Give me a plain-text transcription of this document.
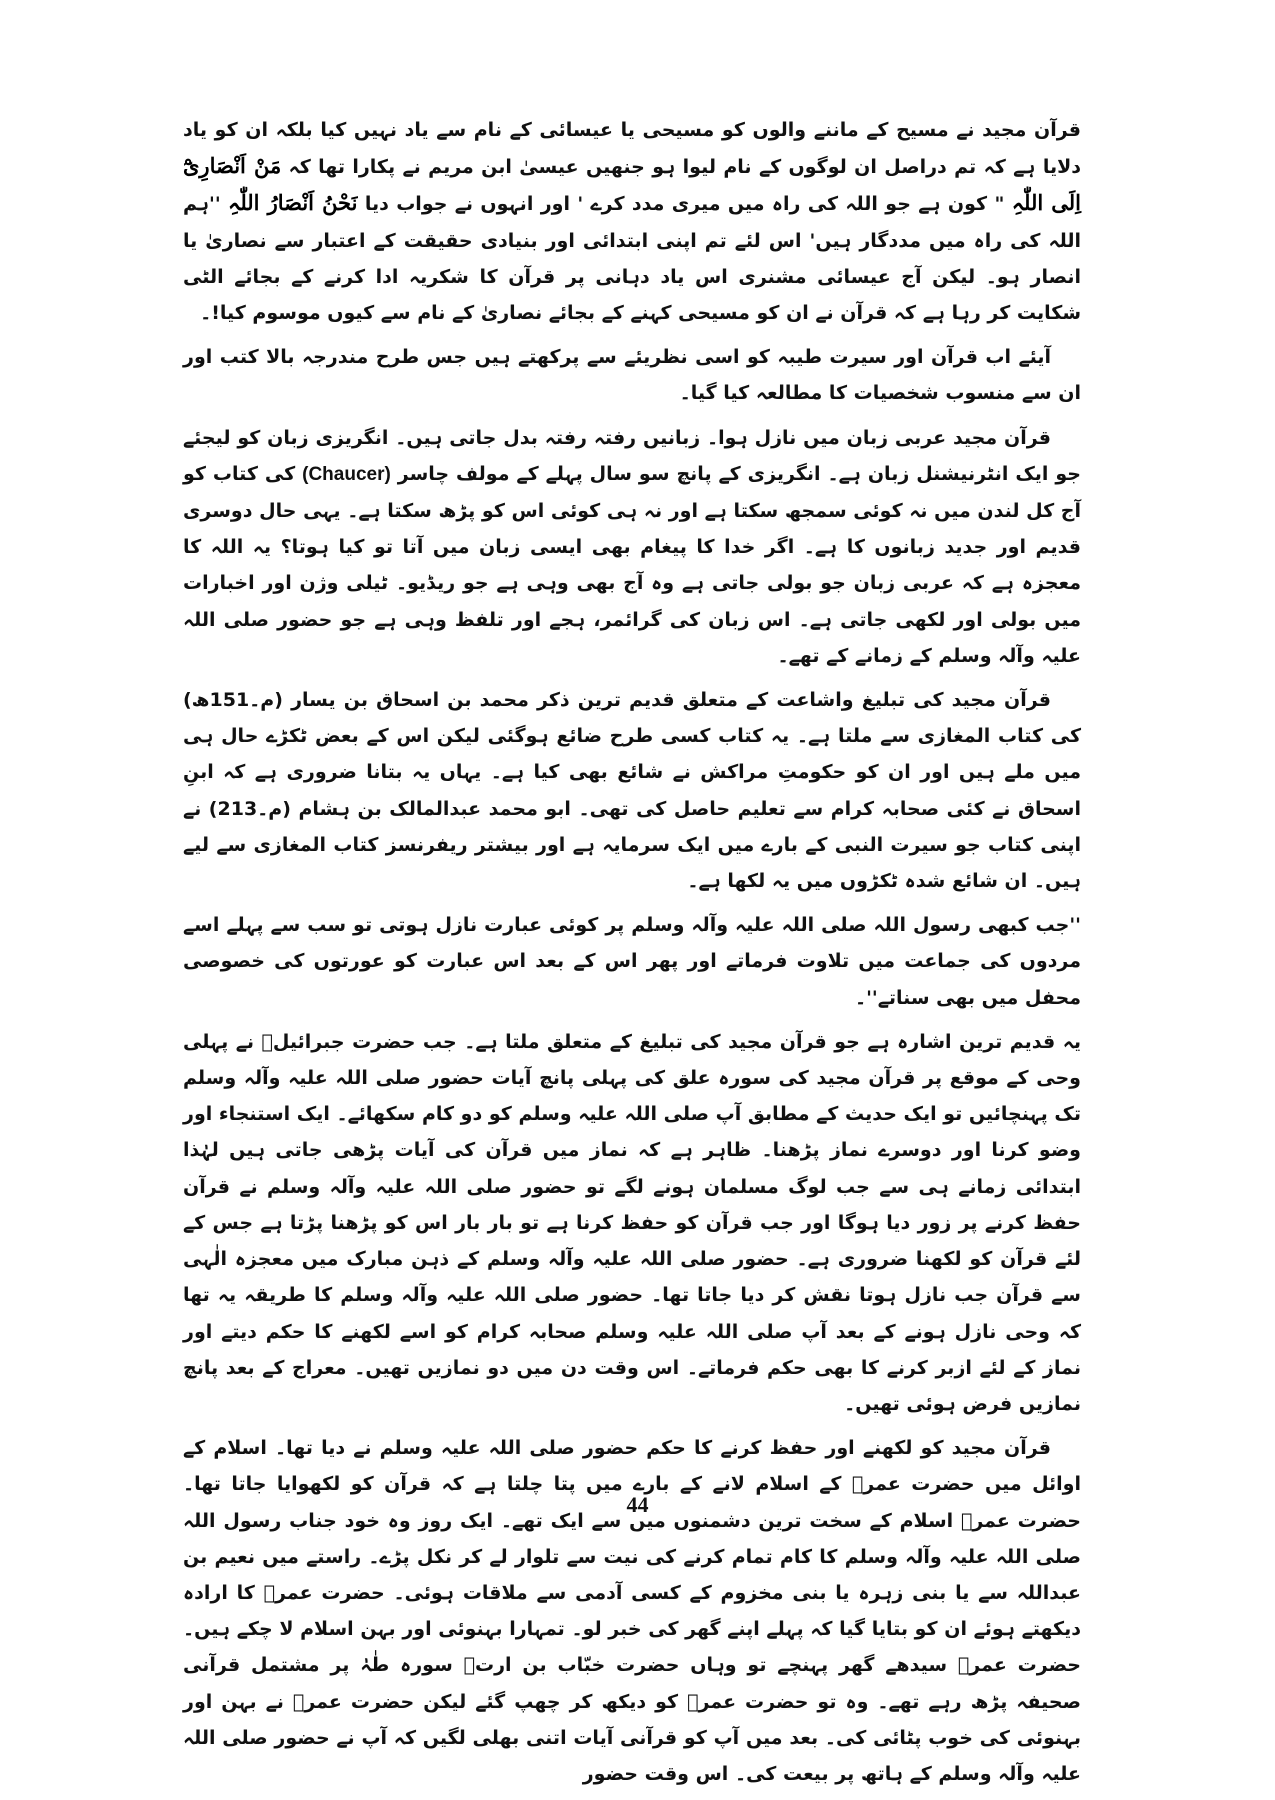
قرآن مجید نے مسیح کے ماننے والوں کو مسیحی یا عیسائی کے نام سے یاد نہیں کیا بلکہ ان کو یاد دلایا ہے کہ تم دراصل ان لوگوں کے نام لیوا ہو جنھیں عیسیٰ ابن مریم نے پکارا تھا کہ مَنْ اَنْصَارِیْٓ اِلَی اللّٰہِ " کون ہے جو اللہ کی راہ میں میری مدد کرے ' اور انہوں نے جواب دیا نَحْنُ اَنْصَارُ اللّٰہِ ''ہم اللہ کی راہ میں مددگار ہیں' اس لئے تم اپنی ابتدائی اور بنیادی حقیقت کے اعتبار سے نصاریٰ یا انصار ہو۔ لیکن آج عیسائی مشنری اس یاد دہانی پر قرآن کا شکریہ ادا کرنے کے بجائے الٹی شکایت کر رہا ہے کہ قرآن نے ان کو مسیحی کہنے کے بجائے نصاریٰ کے نام سے کیوں موسوم کیا!۔

آیئے اب قرآن اور سیرت طیبہ کو اسی نظریئے سے پرکھتے ہیں جس طرح مندرجہ بالا کتب اور ان سے منسوب شخصیات کا مطالعہ کیا گیا۔

قرآن مجید عربی زبان میں نازل ہوا۔ زبانیں رفتہ رفتہ بدل جاتی ہیں۔ انگریزی زبان کو لیجئے جو ایک انٹرنیشنل زبان ہے۔ انگریزی کے پانچ سو سال پہلے کے مولف چاسر (Chaucer) کی کتاب کو آج کل لندن میں نہ کوئی سمجھ سکتا ہے اور نہ ہی کوئی اس کو پڑھ سکتا ہے۔ یہی حال دوسری قدیم اور جدید زبانوں کا ہے۔ اگر خدا کا پیغام بھی ایسی زبان میں آتا تو کیا ہوتا؟ یہ اللہ کا معجزہ ہے کہ عربی زبان جو بولی جاتی ہے وہ آج بھی وہی ہے جو ریڈیو۔ ٹیلی وژن اور اخبارات میں بولی اور لکھی جاتی ہے۔ اس زبان کی گرائمر، ہجے اور تلفظ وہی ہے جو حضور صلی اللہ علیہ وآلہ وسلم کے زمانے کے تھے۔

قرآن مجید کی تبلیغ واشاعت کے متعلق قدیم ترین ذکر محمد بن اسحاق بن یسار (م۔151ھ) کی کتاب المغازی سے ملتا ہے۔ یہ کتاب کسی طرح ضائع ہوگئی لیکن اس کے بعض ٹکڑے حال ہی میں ملے ہیں اور ان کو حکومتِ مراکش نے شائع بھی کیا ہے۔ یہاں یہ بتانا ضروری ہے کہ ابنِ اسحاق نے کئی صحابہ کرام سے تعلیم حاصل کی تھی۔ ابو محمد عبدالمالک بن ہشام (م۔213) نے اپنی کتاب جو سیرت النبی کے بارے میں ایک سرمایہ ہے اور بیشتر ریفرنسز کتاب المغازی سے لیے ہیں۔ ان شائع شدہ ٹکڑوں میں یہ لکھا ہے۔

''جب کبھی رسول اللہ صلی اللہ علیہ وآلہ وسلم پر کوئی عبارت نازل ہوتی تو سب سے پہلے اسے مردوں کی جماعت میں تلاوت فرماتے اور پھر اس کے بعد اس عبارت کو عورتوں کی خصوصی محفل میں بھی سناتے''۔

یہ قدیم ترین اشارہ ہے جو قرآن مجید کی تبلیغ کے متعلق ملتا ہے۔ جب حضرت جبرائیلؑ نے پہلی وحی کے موقع پر قرآن مجید کی سورہ علق کی پہلی پانچ آیات حضور صلی اللہ علیہ وآلہ وسلم تک پہنچائیں تو ایک حدیث کے مطابق آپ صلی اللہ علیہ وسلم کو دو کام سکھائے۔ ایک استنجاء اور وضو کرنا اور دوسرے نماز پڑھنا۔ ظاہر ہے کہ نماز میں قرآن کی آیات پڑھی جاتی ہیں لہٰذا ابتدائی زمانے ہی سے جب لوگ مسلمان ہونے لگے تو حضور صلی اللہ علیہ وآلہ وسلم نے قرآن حفظ کرنے پر زور دیا ہوگا اور جب قرآن کو حفظ کرنا ہے تو بار بار اس کو پڑھنا پڑتا ہے جس کے لئے قرآن کو لکھنا ضروری ہے۔ حضور صلی اللہ علیہ وآلہ وسلم کے ذہن مبارک میں معجزہ الٰہی سے قرآن جب نازل ہوتا نقش کر دیا جاتا تھا۔ حضور صلی اللہ علیہ وآلہ وسلم کا طریقہ یہ تھا کہ وحی نازل ہونے کے بعد آپ صلی اللہ علیہ وسلم صحابہ کرام کو اسے لکھنے کا حکم دیتے اور نماز کے لئے ازبر کرنے کا بھی حکم فرماتے۔ اس وقت دن میں دو نمازیں تھیں۔ معراج کے بعد پانچ نمازیں فرض ہوئی تھیں۔

قرآن مجید کو لکھنے اور حفظ کرنے کا حکم حضور صلی اللہ علیہ وسلم نے دیا تھا۔ اسلام کے اوائل میں حضرت عمرؓ کے اسلام لانے کے بارے میں پتا چلتا ہے کہ قرآن کو لکھوایا جاتا تھا۔ حضرت عمرؓ اسلام کے سخت ترین دشمنوں میں سے ایک تھے۔ ایک روز وہ خود جناب رسول اللہ صلی اللہ علیہ وآلہ وسلم کا کام تمام کرنے کی نیت سے تلوار لے کر نکل پڑے۔ راستے میں نعیم بن عبداللہ سے یا بنی زہرہ یا بنی مخزوم کے کسی آدمی سے ملاقات ہوئی۔ حضرت عمرؓ کا ارادہ دیکھتے ہوئے ان کو بتایا گیا کہ پہلے اپنے گھر کی خبر لو۔ تمہارا بہنوئی اور بہن اسلام لا چکے ہیں۔ حضرت عمرؓ سیدھے گھر پہنچے تو وہاں حضرت خبّاب بن ارتؓ سورہ طٰہٰ پر مشتمل قرآنی صحیفہ پڑھ رہے تھے۔ وہ تو حضرت عمرؓ کو دیکھ کر چھپ گئے لیکن حضرت عمرؓ نے بہن اور بہنوئی کی خوب پٹائی کی۔ بعد میں آپ کو قرآنی آیات اتنی بھلی لگیں کہ آپ نے حضور صلی اللہ علیہ وآلہ وسلم کے ہاتھ پر بیعت کی۔ اس وقت حضور

44
